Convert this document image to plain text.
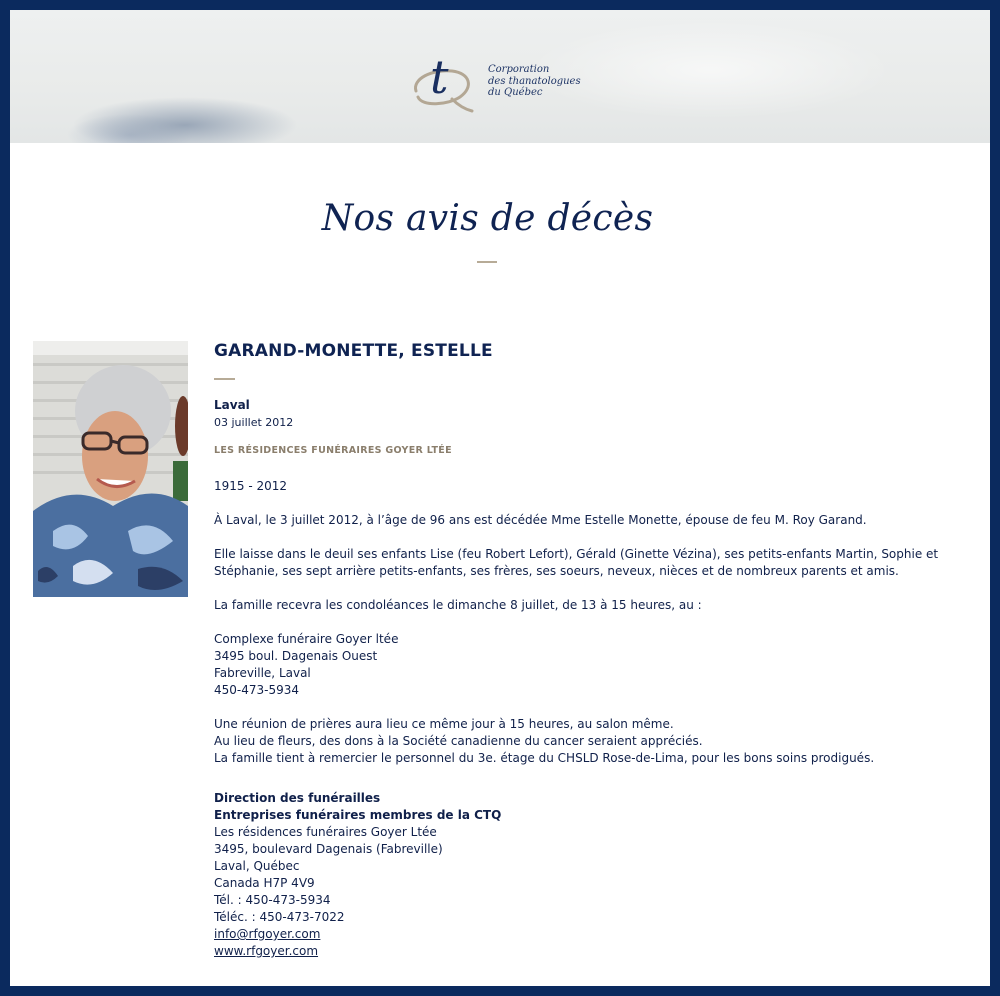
t	Corporation
des thanatologues
du Québec
Nos avis de décès
GARAND-MONETTE, ESTELLE
Laval
03 juillet 2012
LES RÉSIDENCES FUNÉRAIRES GOYER LTÉE
1915 - 2012
À Laval, le 3 juillet 2012, à l’âge de 96 ans est décédée Mme Estelle Monette, épouse de feu M. Roy Garand.
Elle laisse dans le deuil ses enfants Lise (feu Robert Lefort), Gérald (Ginette Vézina), ses petits-enfants Martin, Sophie et Stéphanie, ses sept arrière petits-enfants, ses frères, ses soeurs, neveux, nièces et de nombreux parents et amis.
La famille recevra les condoléances le dimanche 8 juillet, de 13 à 15 heures, au :
Complexe funéraire Goyer ltée
3495 boul. Dagenais Ouest
Fabreville, Laval
450-473-5934
Une réunion de prières aura lieu ce même jour à 15 heures, au salon même.
Au lieu de fleurs, des dons à la Société canadienne du cancer seraient appréciés.
La famille tient à remercier le personnel du 3e. étage du CHSLD Rose-de-Lima, pour les bons soins prodigués.
Direction des funérailles
Entreprises funéraires membres de la CTQ
Les résidences funéraires Goyer Ltée
3495, boulevard Dagenais (Fabreville)
Laval, Québec
Canada H7P 4V9
Tél. : 450-473-5934
Téléc. : 450-473-7022
info@rfgoyer.com
www.rfgoyer.com
